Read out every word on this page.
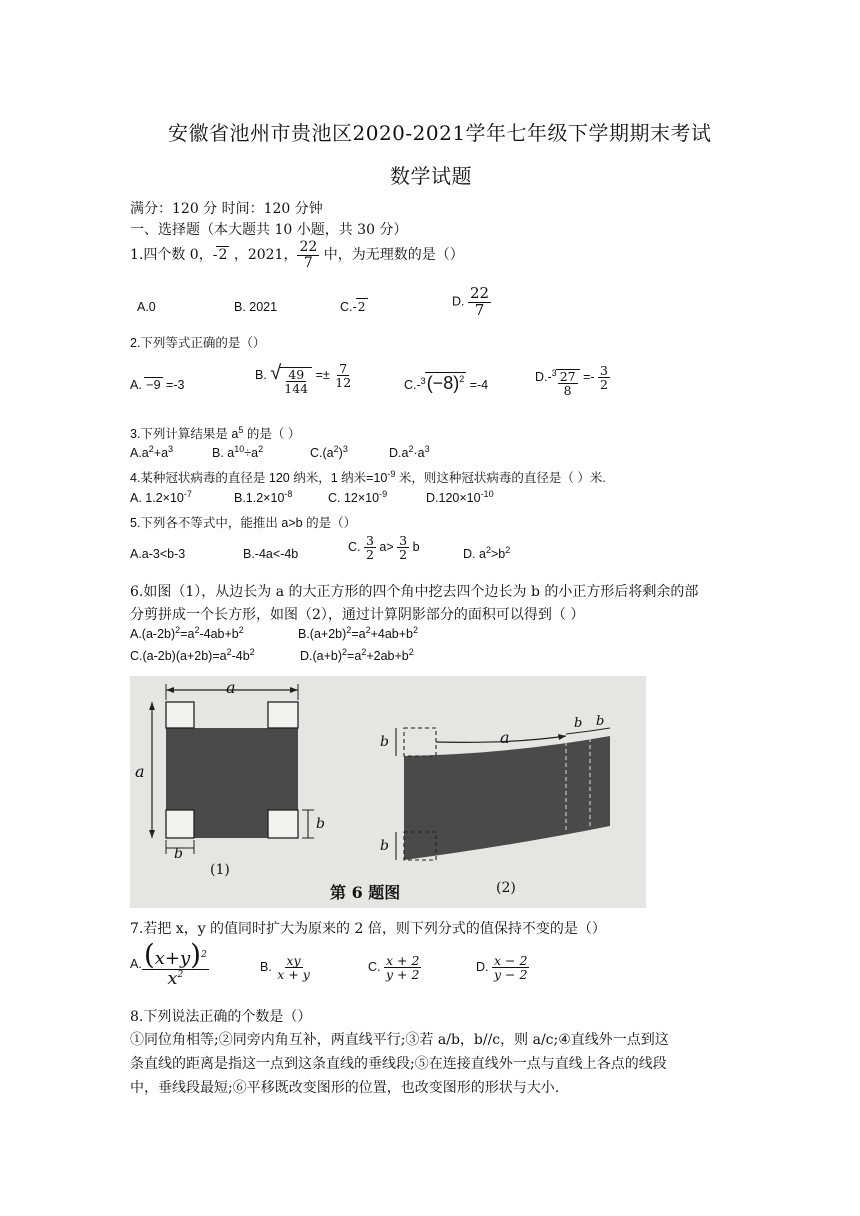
安徽省池州市贵池区2020-2021学年七年级下学期期末考试
数学试题
满分：120 分 时间：120 分钟
一、选择题（本大题共 10 小题，共 30 分）
1.四个数 0，-2 ，2021， $\frac{22}{7}$ 中，为无理数的是（）
A.0	B. 2021	C.-2	D. $\frac{22}{7}$
2.下列等式正确的是（）
A. −9 =-3
B. √ $\frac{49}{144} =\pm \frac{7}{12}$	$C.-^3(-8)^2 =-4$
$D.-^3 \frac{27}{8} =- \frac{3}{2}$
3.下列计算结果是 $a^5$ 的是（ ）
$A.a^2+a^3$	B. $a^{10}\div a^2$	$C.(a^2)^3$	$D.a^2\cdot a^3$
4.某种冠状病毒的直径是 120 纳米，1 纳米$=10^{-9}$ 米，则这种冠状病毒的直径是（ ）米.
A. $1.2\times 10^{-7}$	$B.1.2\times 10^{-8}$	C. $12\times 10^{-9}$	$D.120\times 10^{-10}$
5.下列各不等式中，能推出 a>b 的是（）
A.a-3<b-3	B.-4a<-4b
C. $\frac{3}{2} a> \frac{3}{2}$ b
D. $a^2>b^2$
6.如图（1），从边长为 a 的大正方形的四个角中挖去四个边长为 b 的小正方形后将剩余的部
分剪拼成一个长方形，如图（2），通过计算阴影部分的面积可以得到（ ）
$A.(a-2b)^2=a^2-4ab+b^2$	$B.(a+2b)^2=a^2+4ab+b^2$
$C.(a-2b)(a+2b)=a^2-4b^2$	$D.(a+b)^2=a^2+2ab+b^2$
a
a
b
b
a
b b
b
b
(1)
第 6 题图	(2)
7.若把 x，y 的值同时扩大为原来的 2 倍，则下列分式的值保持不变的是（）
A. $\frac{(x+y)^2}{x^2}$	B. $\frac{xy}{x + y}$	C. $\frac{x + 2}{y + 2}$	D. $\frac{x - 2}{y - 2}$
8.下列说法正确的个数是（）
①同位角相等;②同旁内角互补，两直线平行;③若 a/b，b//c，则 a/c;④直线外一点到这
条直线的距离是指这一点到这条直线的垂线段;⑤在连接直线外一点与直线上各点的线段
中，垂线段最短;⑥平移既改变图形的位置，也改变图形的形状与大小.
